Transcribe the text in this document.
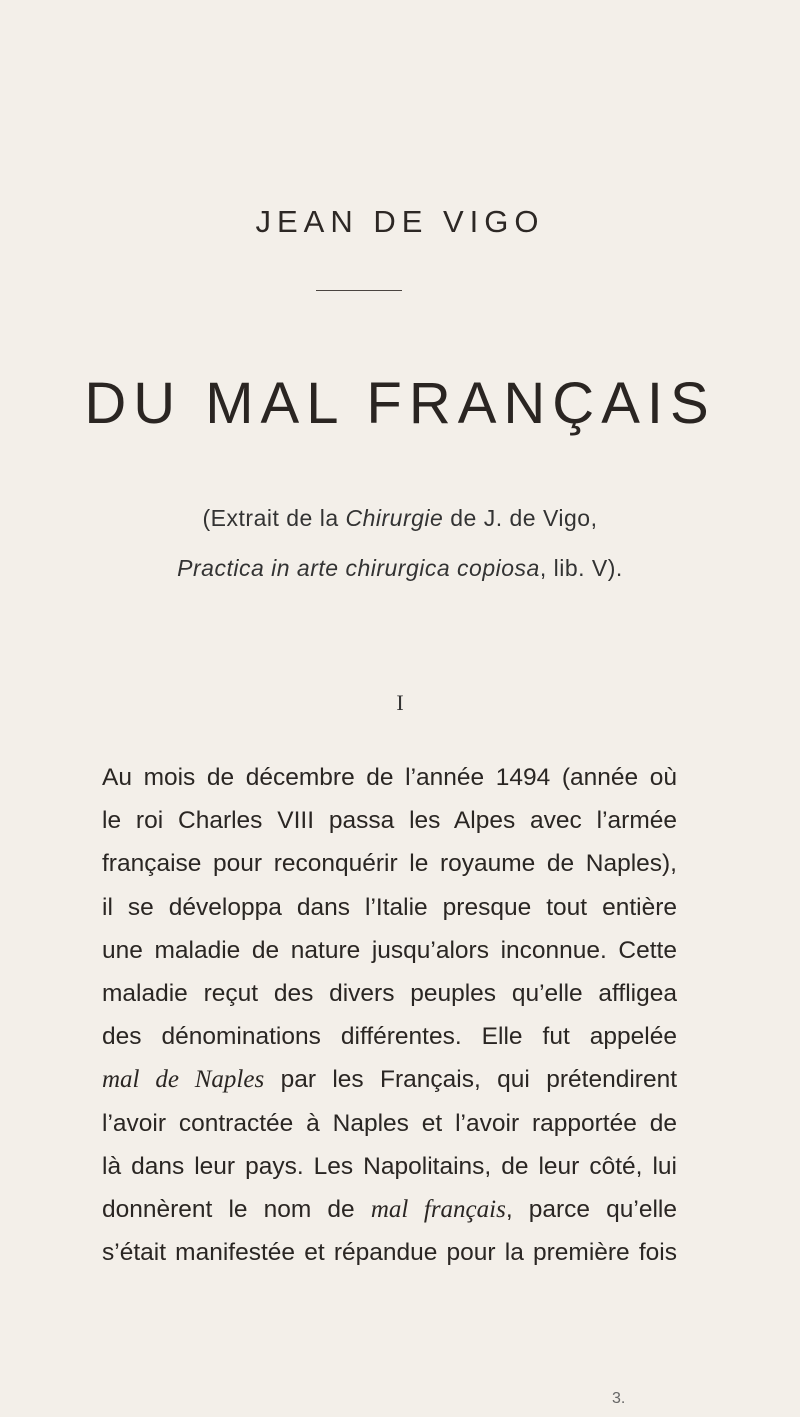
JEAN DE VIGO
DU MAL FRANÇAIS
(Extrait de la Chirurgie de J. de Vigo,
Practica in arte chirurgica copiosa, lib. V).
I
Au mois de décembre de l’année 1494 (année où
le roi Charles VIII passa les Alpes avec l’armée
française pour reconquérir le royaume de Naples),
il se développa dans l’Italie presque tout entière
une maladie de nature jusqu’alors inconnue. Cette
maladie reçut des divers peuples qu’elle affligea
des dénominations différentes. Elle fut appelée
mal de Naples par les Français, qui prétendirent
l’avoir contractée à Naples et l’avoir rapportée de
là dans leur pays. Les Napolitains, de leur côté, lui
donnèrent le nom de mal français, parce qu’elle
s’était manifestée et répandue pour la première fois
3.
